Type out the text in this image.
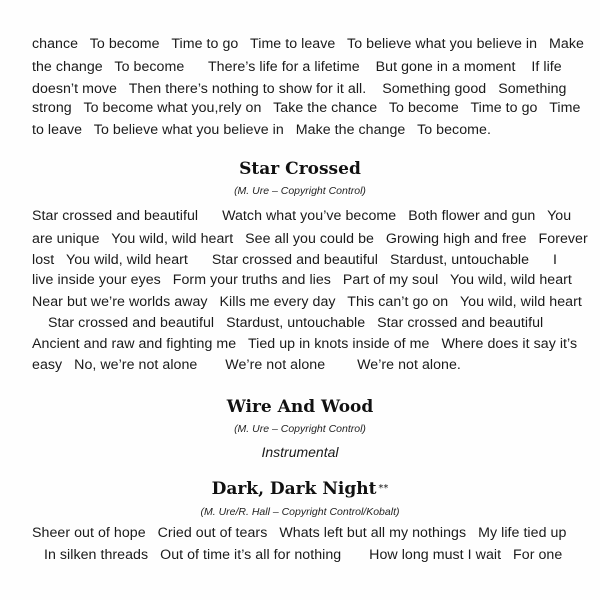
chance   To become   Time to go   Time to leave   To believe what you believe in   Make
the change   To become      There’s life for a lifetime    But gone in a moment    If life
doesn’t move   Then there’s nothing to show for it all.    Something good   Something
strong   To become what you,rely on   Take the chance   To become   Time to go   Time
to leave   To believe what you believe in   Make the change   To become.
Star Crossed
(M. Ure – Copyright Control)
Star crossed and beautiful      Watch what you’ve become   Both flower and gun   You
are unique   You wild, wild heart   See all you could be   Growing high and free   Forever
lost   You wild, wild heart      Star crossed and beautiful   Stardust, untouchable      I
live inside your eyes   Form your truths and lies   Part of my soul   You wild, wild heart
Near but we’re worlds away   Kills me every day   This can’t go on   You wild, wild heart
Star crossed and beautiful   Stardust, untouchable   Star crossed and beautiful
Ancient and raw and fighting me   Tied up in knots inside of me   Where does it say it’s
easy   No, we’re not alone       We’re not alone        We’re not alone.
Wire And Wood
(M. Ure – Copyright Control)
Instrumental
Dark, Dark Night **
(M. Ure/R. Hall – Copyright Control/Kobalt)
Sheer out of hope   Cried out of tears   Whats left but all my nothings   My life tied up
In silken threads   Out of time it’s all for nothing       How long must I wait   For one
